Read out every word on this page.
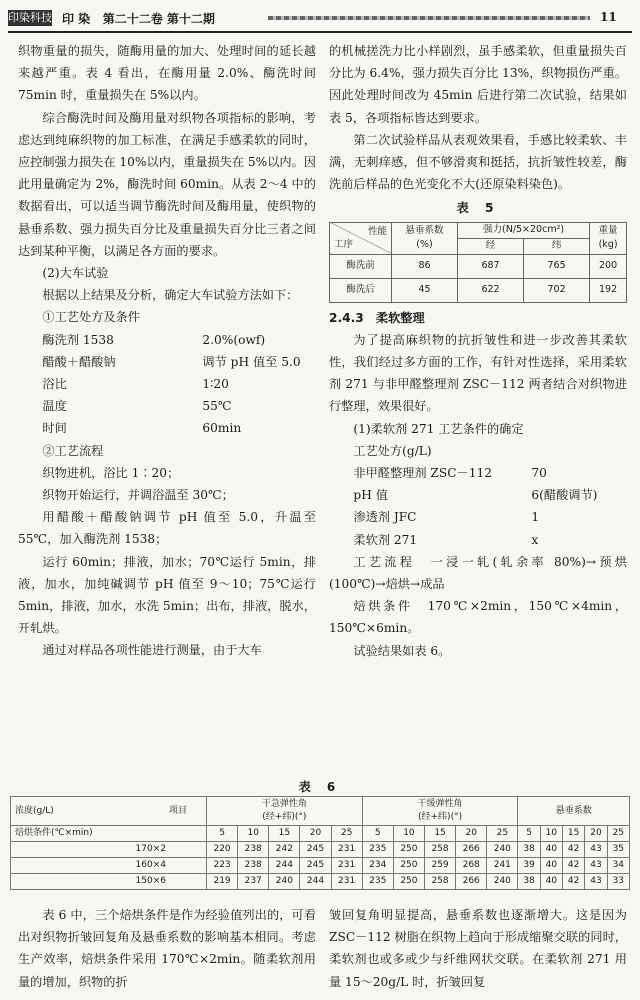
印染科技 印 染 第二十二卷 第十二期	11

织物重量的损失，随酶用量的加大、处理时间的延长越来越严重。表 4 看出，在酶用量 2.0%、酶洗时间 75min 时，重量损失在 5%以内。

综合酶洗时间及酶用量对织物各项指标的影响，考虑达到纯麻织物的加工标准，在满足手感柔软的同时，应控制强力损失在 10%以内，重量损失在 5%以内。因此用量确定为 2%，酶洗时间 60min。从表 2～4 中的数据看出，可以适当调节酶洗时间及酶用量，使织物的悬垂系数、强力损失百分比及重量损失百分比三者之间达到某种平衡，以满足各方面的要求。

(2)大车试验

根据以上结果及分析，确定大车试验方法如下：

①工艺处方及条件

酶洗剂 1538	2.0%(owf)
醋酸＋醋酸钠	调节 pH 值至 5.0
浴比	1∶20
温度	55℃
时间	60min

②工艺流程

织物进机，浴比 1∶20；

织物开始运行，并调浴温至 30℃；

用醋酸＋醋酸钠调节 pH 值至 5.0，升温至 55℃，加入酶洗剂 1538；

运行 60min；排液，加水；70℃运行 5min，排液，加水，加纯碱调节 pH 值至 9～10；75℃运行 5min，排液，加水，水洗 5min；出布，排液，脱水，开轧烘。

通过对样品各项性能进行测量，由于大车

的机械搓洗力比小样剧烈，虽手感柔软，但重量损失百分比为 6.4%，强力损失百分比 13%，织物损伤严重。因此处理时间改为 45min 后进行第二次试验，结果如表 5，各项指标皆达到要求。

第二次试验样品从表观效果看，手感比较柔软、丰满，无刺痒感，但不够滑爽和挺括，抗折皱性较差，酶洗前后样品的色光变化不大(还原染料染色)。

表 5
性能
工序	悬垂系数
(%)	强力(N/5×20cm²)		重量
(kg)
		经	纬	
酶洗前	86	687	765	200
酶洗后	45	622	702	192

2.4.3　柔软整理

为了提高麻织物的抗折皱性和进一步改善其柔软性，我们经过多方面的工作，有针对性选择，采用柔软剂 271 与非甲醛整理剂 ZSC－112 两者结合对织物进行整理，效果很好。

(1)柔软剂 271 工艺条件的确定

工艺处方(g/L)

非甲醛整理剂 ZSC－112	70
pH 值	6(醋酸调节)
渗透剂 JFC	1
柔软剂 271	x

工艺流程　一浸一轧(轧余率 80%)→预烘(100℃)→焙烘→成品

焙烘条件　170℃×2min，150℃×4min，150℃×6min。

试验结果如表 6。

表 6
浓度(g/L) 项目	干急弹性角
(经+纬)(°)					干缓弹性角
(经+纬)(°)					悬垂系数				
焙烘条件(℃×min)	5	10	15	20	25	5	10	15	20	25	5	10	15	20	25
170×2	220	238	242	245	231	235	250	258	266	240	38	40	42	43	35
160×4	223	238	244	245	231	234	250	259	268	241	39	40	42	43	34
150×6	219	237	240	244	231	235	250	258	266	240	38	40	42	43	33

表 6 中，三个焙烘条件是作为经验值列出的，可看出对织物折皱回复角及悬垂系数的影响基本相同。考虑生产效率，焙烘条件采用 170℃×2min。随柔软剂用量的增加，织物的折

皱回复角明显提高，悬垂系数也逐渐增大。这是因为 ZSC－112 树脂在织物上趋向于形成缩聚交联的同时，柔软剂也或多或少与纤维网状交联。在柔软剂 271 用量 15～20g/L 时，折皱回复
